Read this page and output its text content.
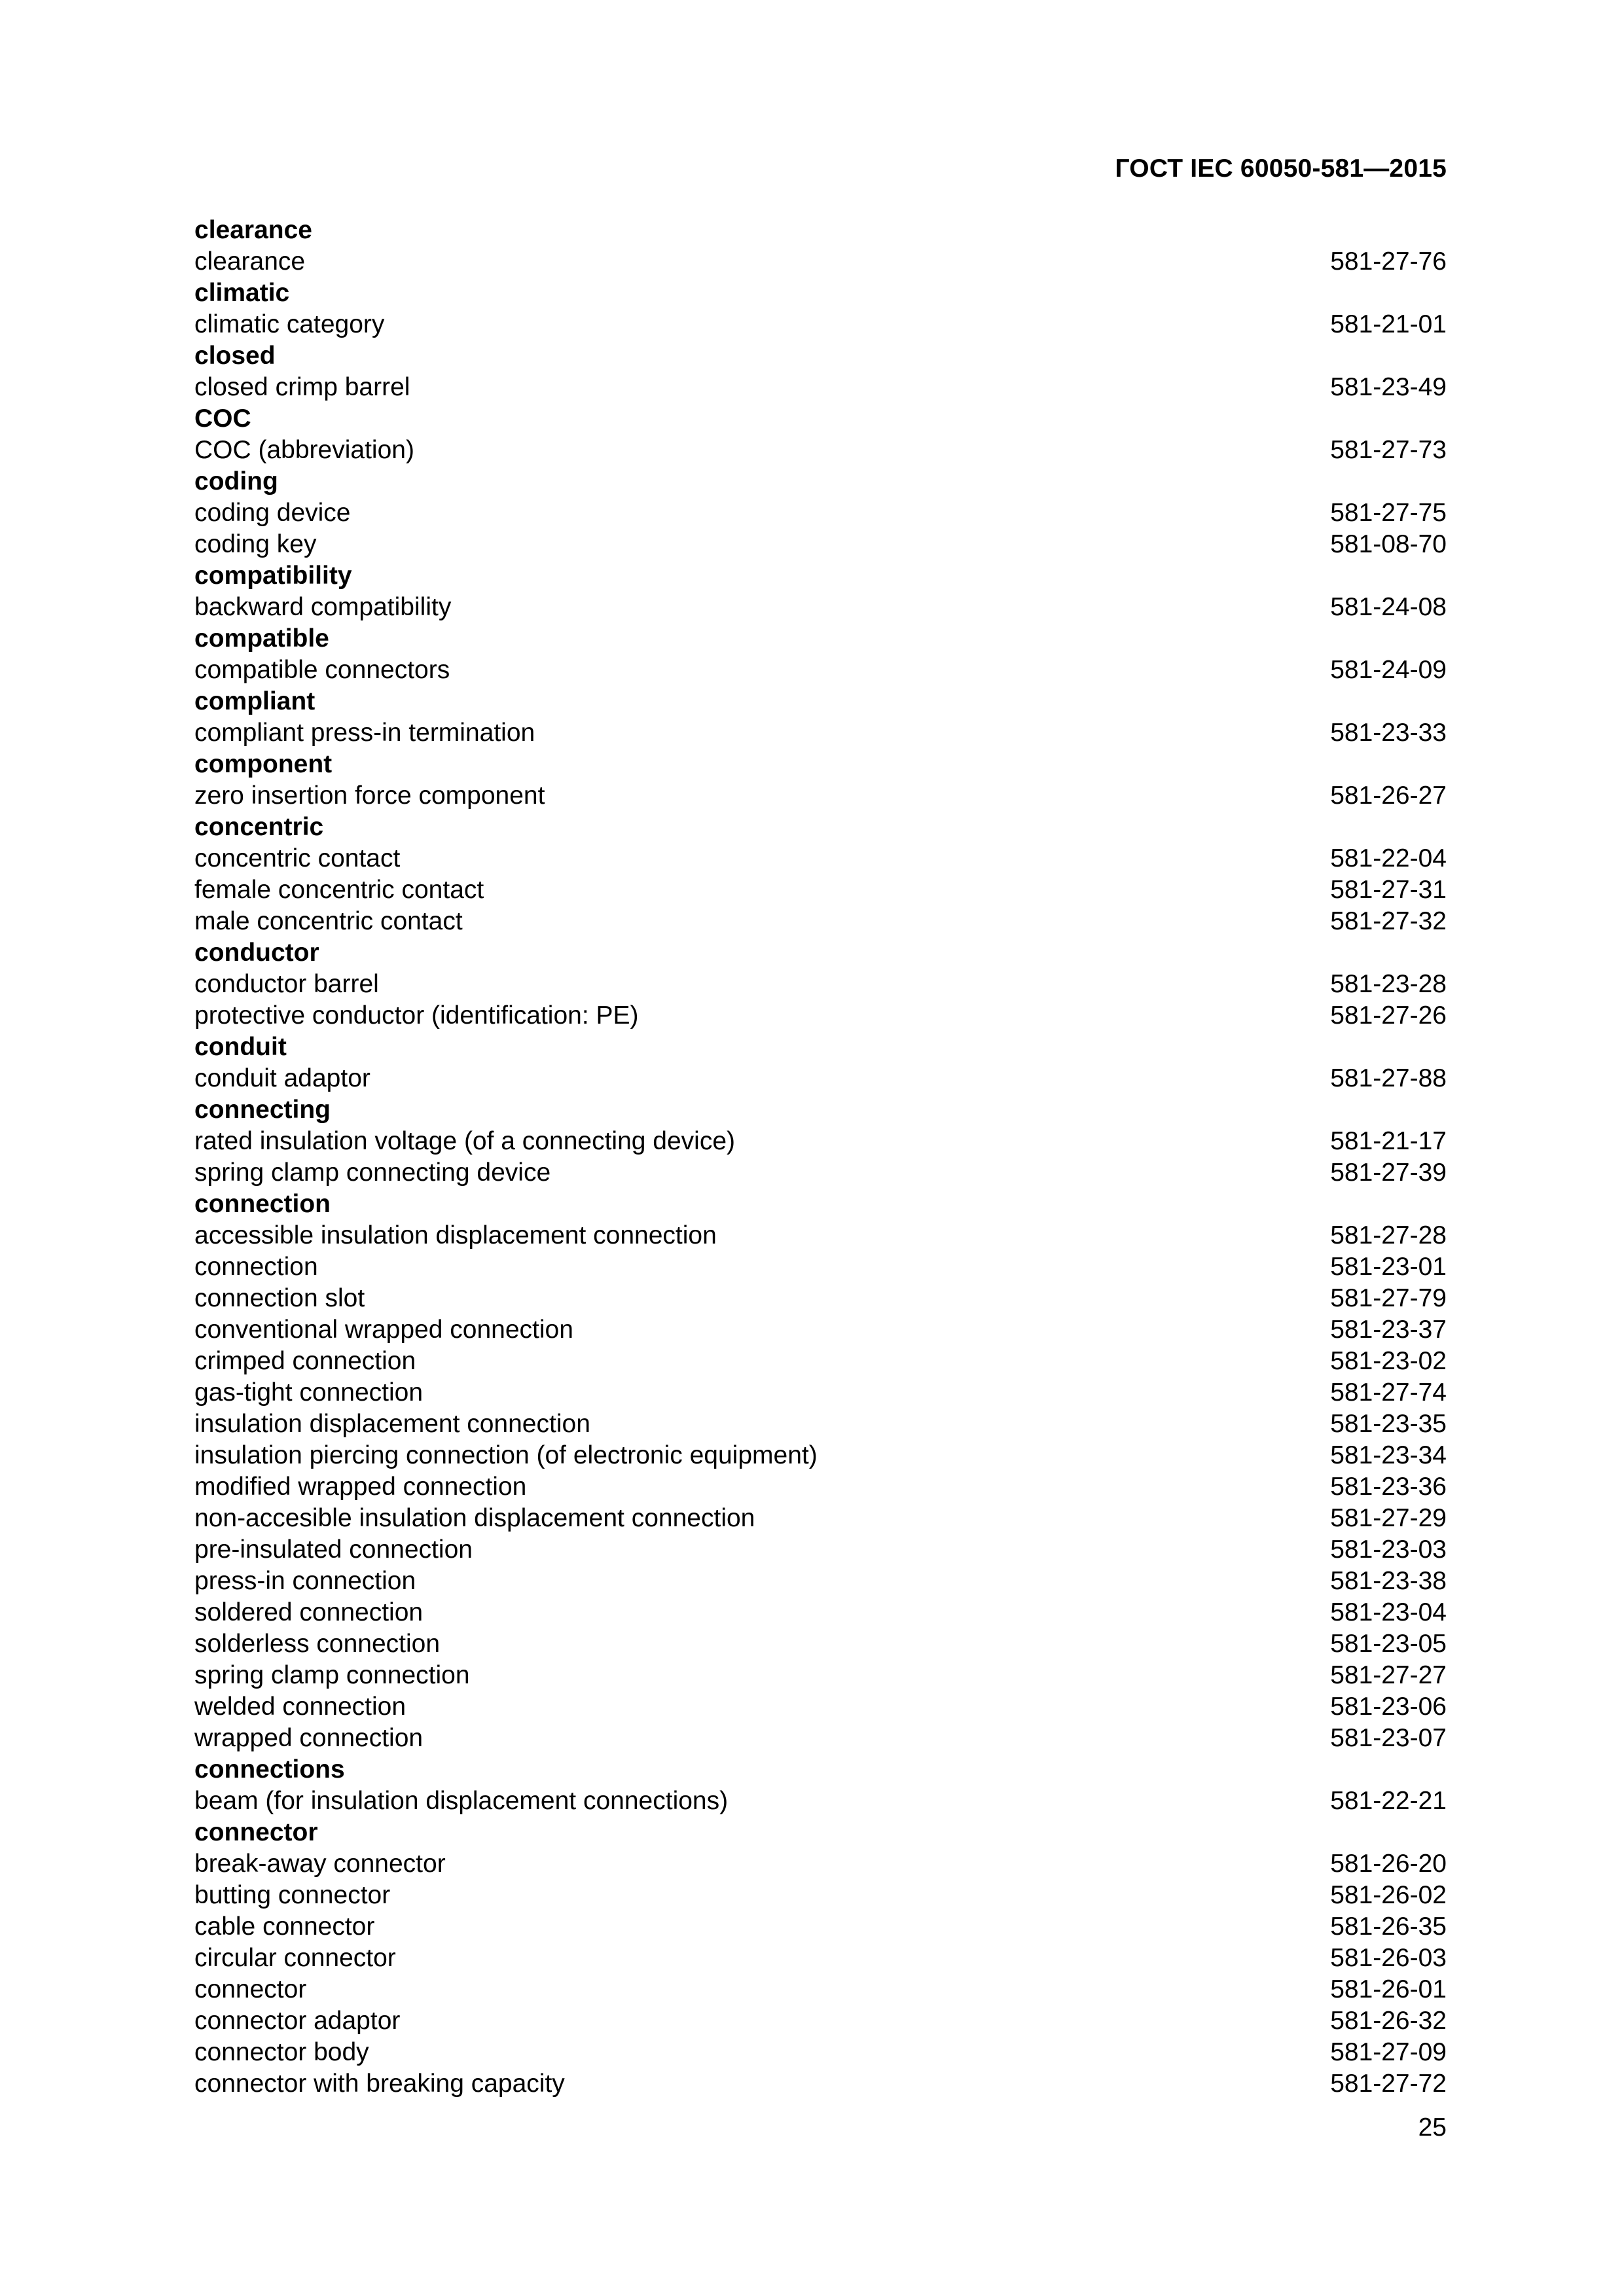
ГОСТ IEC 60050-581—2015
clearance
clearance	581-27-76
climatic
climatic category	581-21-01
closed
closed crimp barrel	581-23-49
COC
COC (abbreviation)	581-27-73
coding
coding device	581-27-75
coding key	581-08-70
compatibility
backward compatibility	581-24-08
compatible
compatible connectors	581-24-09
compliant
compliant press-in termination	581-23-33
component
zero insertion force component	581-26-27
concentric
concentric contact	581-22-04
female concentric contact	581-27-31
male concentric contact	581-27-32
conductor
conductor barrel	581-23-28
protective conductor (identification: PE)	581-27-26
conduit
conduit adaptor	581-27-88
connecting
rated insulation voltage (of a connecting device)	581-21-17
spring clamp connecting device	581-27-39
connection
accessible insulation displacement connection	581-27-28
connection	581-23-01
connection slot	581-27-79
conventional wrapped connection	581-23-37
crimped connection	581-23-02
gas-tight connection	581-27-74
insulation displacement connection	581-23-35
insulation piercing connection (of electronic equipment)	581-23-34
modified wrapped connection	581-23-36
non-accesible insulation displacement connection	581-27-29
pre-insulated connection	581-23-03
press-in connection	581-23-38
soldered connection	581-23-04
solderless connection	581-23-05
spring clamp connection	581-27-27
welded connection	581-23-06
wrapped connection	581-23-07
connections
beam (for insulation displacement connections)	581-22-21
connector
break-away connector	581-26-20
butting connector	581-26-02
cable connector	581-26-35
circular connector	581-26-03
connector	581-26-01
connector adaptor	581-26-32
connector body	581-27-09
connector with breaking capacity	581-27-72
25
